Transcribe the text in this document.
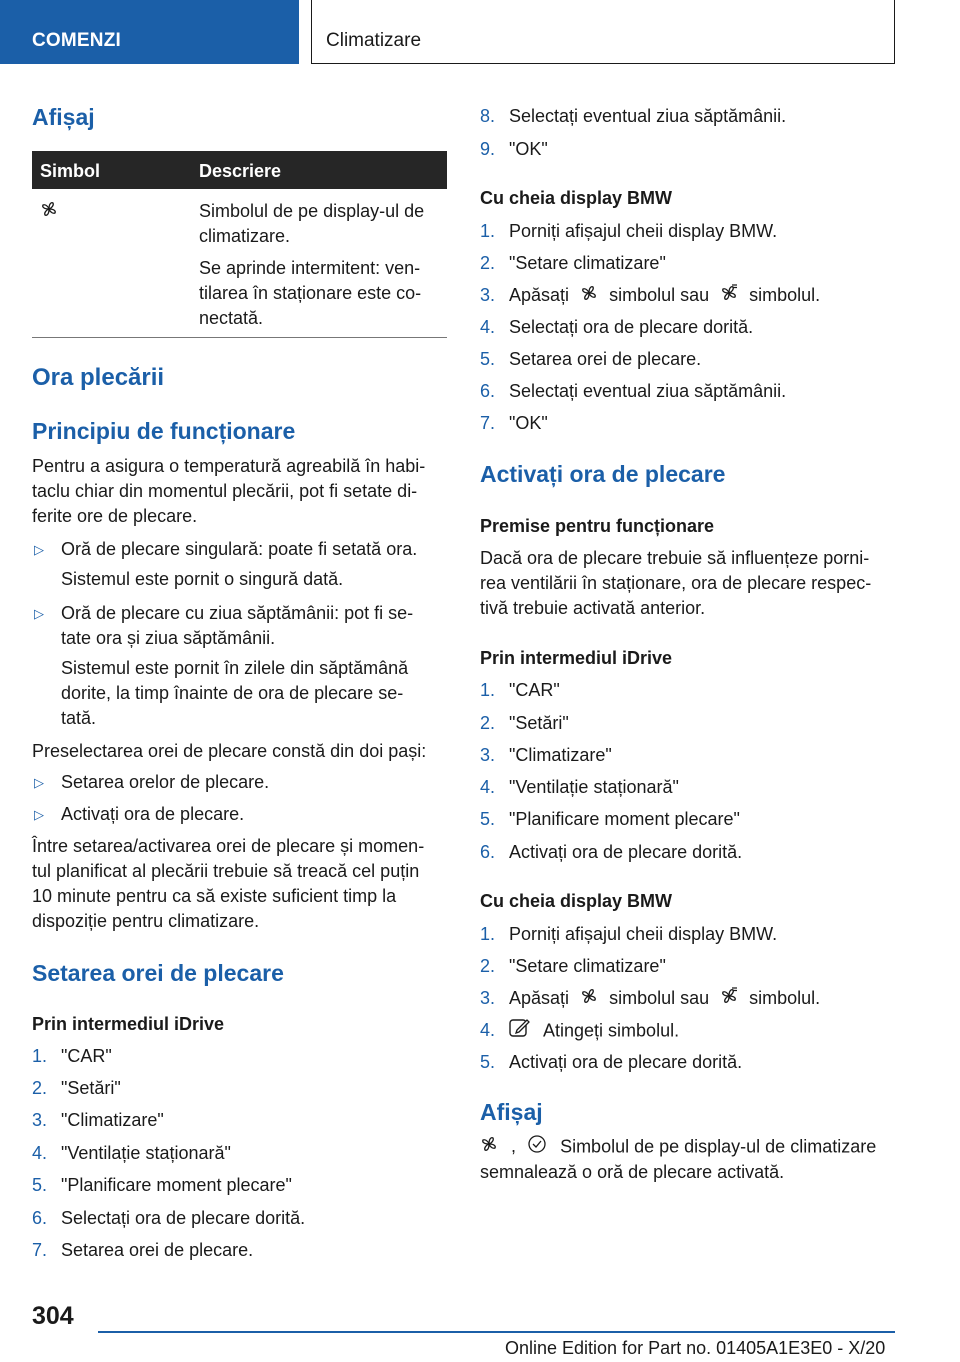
COMENZI	Climatizare
Afișaj
Simbol	Descriere
Simbolul de pe display-ul de
climatizare.
Se aprinde intermitent: ven-
tilarea în staționare este co-
nectată.
Ora plecării
Principiu de funcționare
Pentru a asigura o temperatură agreabilă în habi-
taclu chiar din momentul plecării, pot fi setate di-
ferite ore de plecare.
▷ Oră de plecare singulară: poate fi setată ora.
Sistemul este pornit o singură dată.
▷ Oră de plecare cu ziua săptămânii: pot fi se-
tate ora și ziua săptămânii.
Sistemul este pornit în zilele din săptămână
dorite, la timp înainte de ora de plecare se-
tată.
Preselectarea orei de plecare constă din doi pași:
▷ Setarea orelor de plecare.
▷ Activați ora de plecare.
Între setarea/activarea orei de plecare și momen-
tul planificat al plecării trebuie să treacă cel puțin
10 minute pentru ca să existe suficient timp la
dispoziție pentru climatizare.
Setarea orei de plecare
Prin intermediul iDrive
1. "CAR"
2. "Setări"
3. "Climatizare"
4. "Ventilație staționară"
5. "Planificare moment plecare"
6. Selectați ora de plecare dorită.
7. Setarea orei de plecare.
8. Selectați eventual ziua săptămânii.
9. "OK"
Cu cheia display BMW
1. Porniți afișajul cheii display BMW.
2. "Setare climatizare"
3. Apăsați simbolul sau simbolul.
4. Selectați ora de plecare dorită.
5. Setarea orei de plecare.
6. Selectați eventual ziua săptămânii.
7. "OK"
Activați ora de plecare
Premise pentru funcționare
Dacă ora de plecare trebuie să influențeze porni-
rea ventilării în staționare, ora de plecare respec-
tivă trebuie activată anterior.
Prin intermediul iDrive
1. "CAR"
2. "Setări"
3. "Climatizare"
4. "Ventilație staționară"
5. "Planificare moment plecare"
6. Activați ora de plecare dorită.
Cu cheia display BMW
1. Porniți afișajul cheii display BMW.
2. "Setare climatizare"
3. Apăsați simbolul sau simbolul.
4.	Atingeți simbolul.
5. Activați ora de plecare dorită.
Afișaj
, Simbolul de pe display-ul de climatizare
semnalează o oră de plecare activată.
304
Online Edition for Part no. 01405A1E3E0 - X/20
